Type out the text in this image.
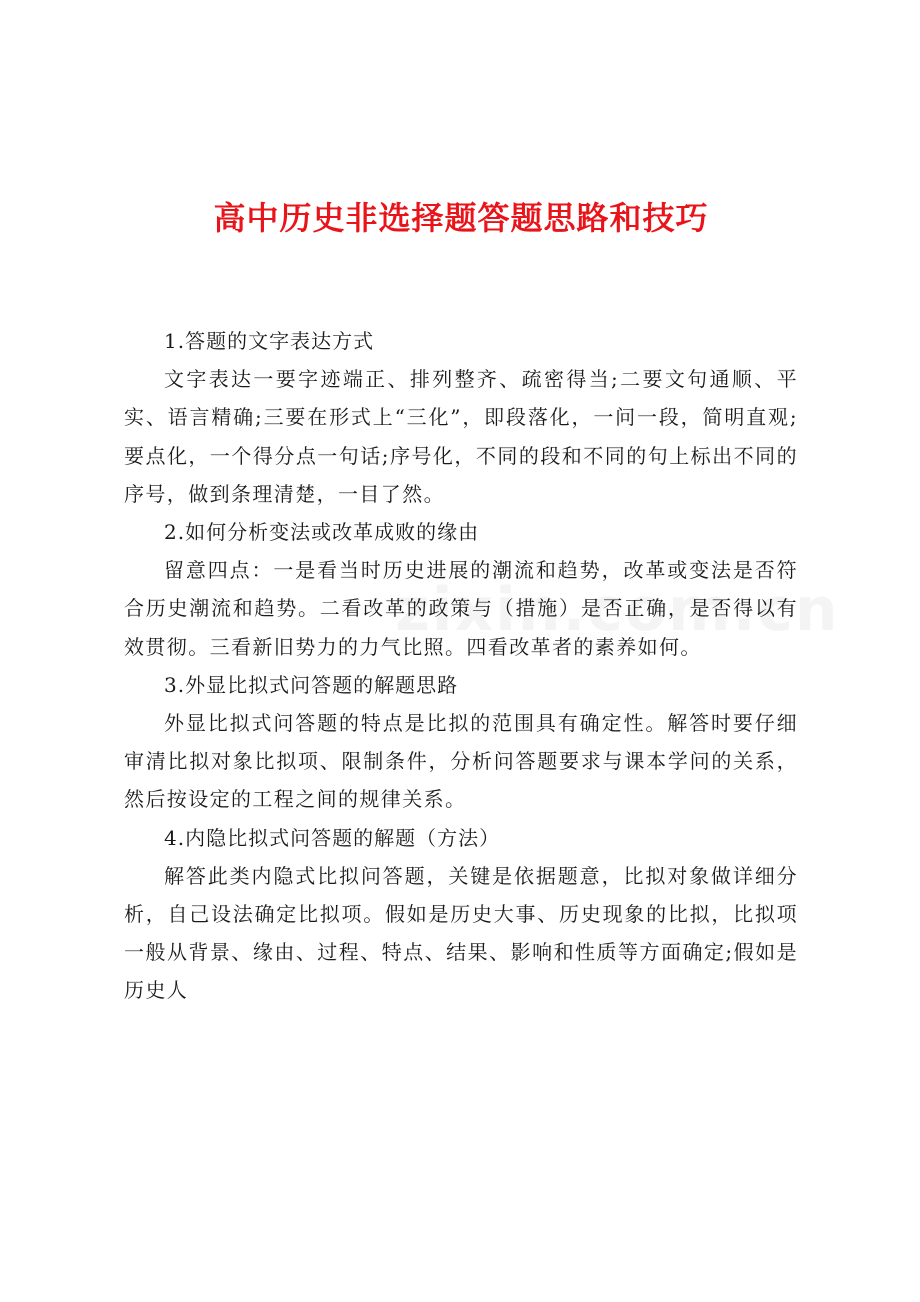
高中历史非选择题答题思路和技巧

1.答题的文字表达方式

文字表达一要字迹端正、排列整齐、疏密得当;二要文句通顺、平实、语言精确;三要在形式上“三化”，即段落化，一问一段，简明直观;要点化，一个得分点一句话;序号化，不同的段和不同的句上标出不同的序号，做到条理清楚，一目了然。

2.如何分析变法或改革成败的缘由

留意四点：一是看当时历史进展的潮流和趋势，改革或变法是否符合历史潮流和趋势。二看改革的政策与（措施）是否正确，是否得以有效贯彻。三看新旧势力的力气比照。四看改革者的素养如何。

3.外显比拟式问答题的解题思路

外显比拟式问答题的特点是比拟的范围具有确定性。解答时要仔细审清比拟对象比拟项、限制条件，分析问答题要求与课本学问的关系，然后按设定的工程之间的规律关系。

4.内隐比拟式问答题的解题（方法）

解答此类内隐式比拟问答题，关键是依据题意，比拟对象做详细分析，自己设法确定比拟项。假如是历史大事、历史现象的比拟，比拟项一般从背景、缘由、过程、特点、结果、影响和性质等方面确定;假如是历史人
